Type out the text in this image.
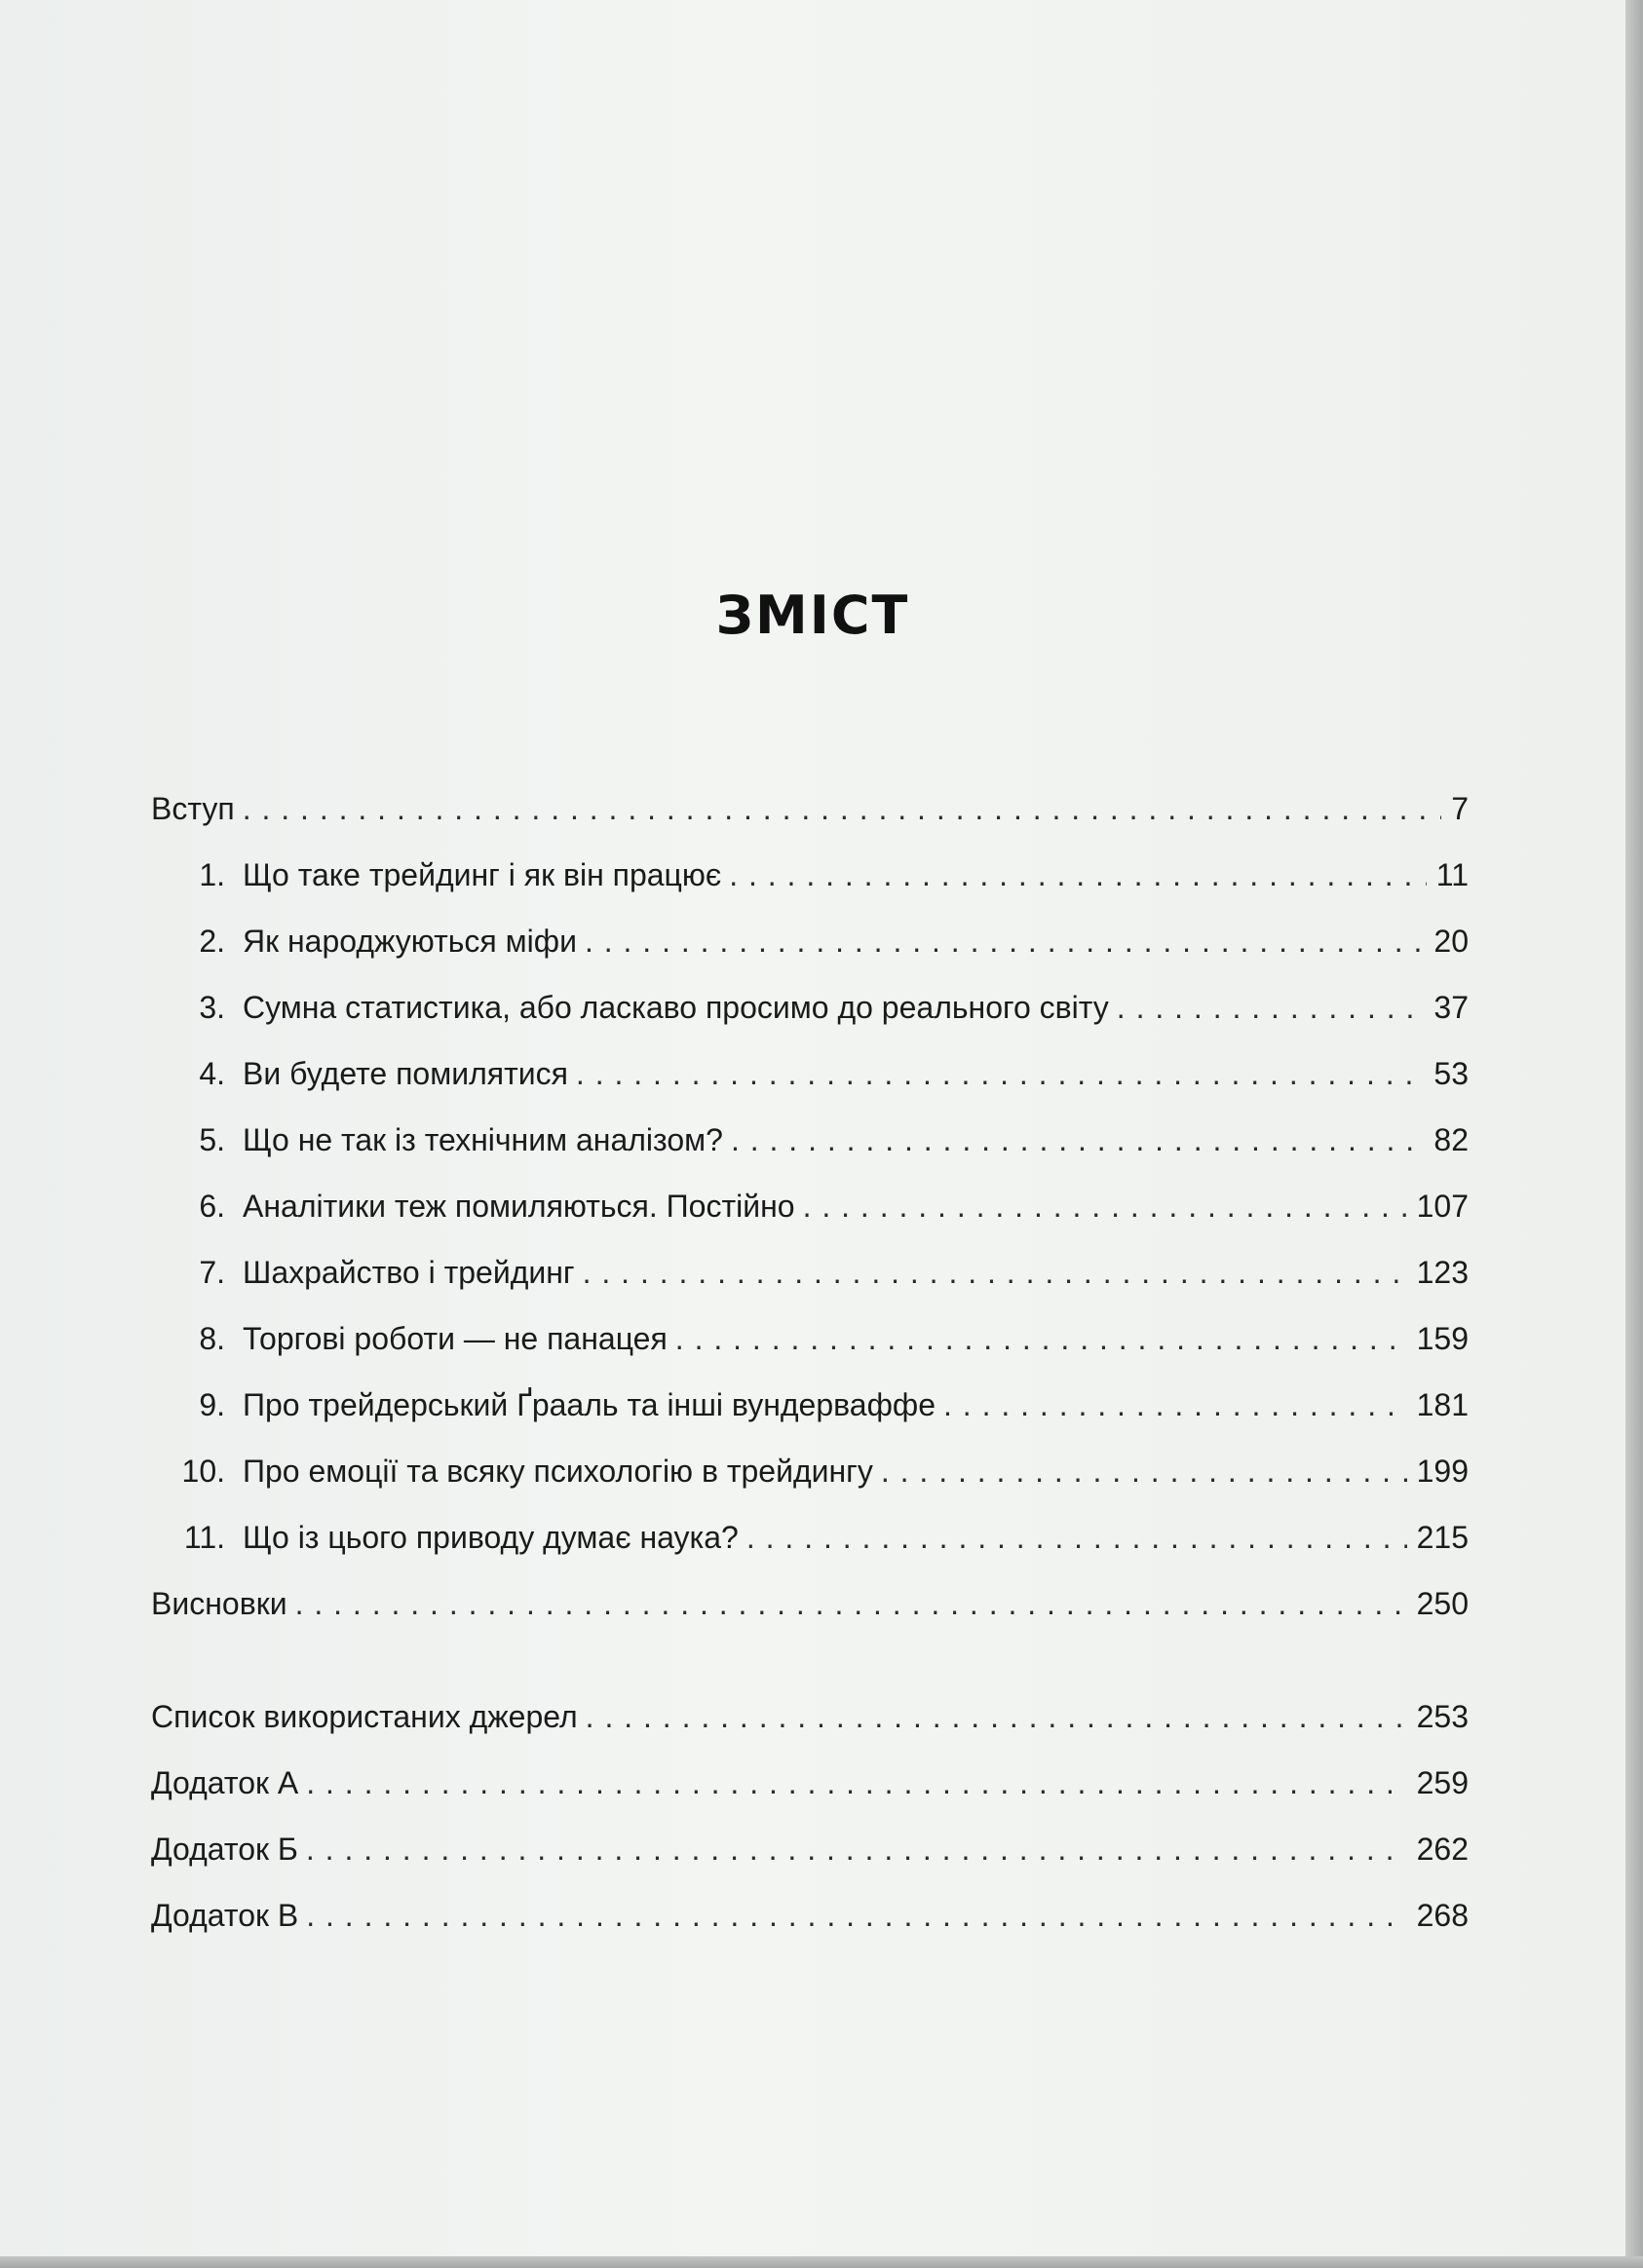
ЗМІСТ
Вступ . . .	7
1. Що таке трейдинг і як він працює . . .	11
2. Як народжуються міфи . . .	20
3. Сумна статистика, або ласкаво просимо до реального світу . . .	37
4. Ви будете помилятися . . .	53
5. Що не так із технічним аналізом? . . .	82
6. Аналітики теж помиляються. Постійно . . .	107
7. Шахрайство і трейдинг . . .	123
8. Торгові роботи — не панацея . . .	159
9. Про трейдерський Ґрааль та інші вундерваффе . . .	181
10. Про емоції та всяку психологію в трейдингу . . .	199
11. Що із цього приводу думає наука? . . .	215
Висновки . . .	250
Список використаних джерел . . .	253
Додаток А . . .	259
Додаток Б . . .	262
Додаток В . . .	268
